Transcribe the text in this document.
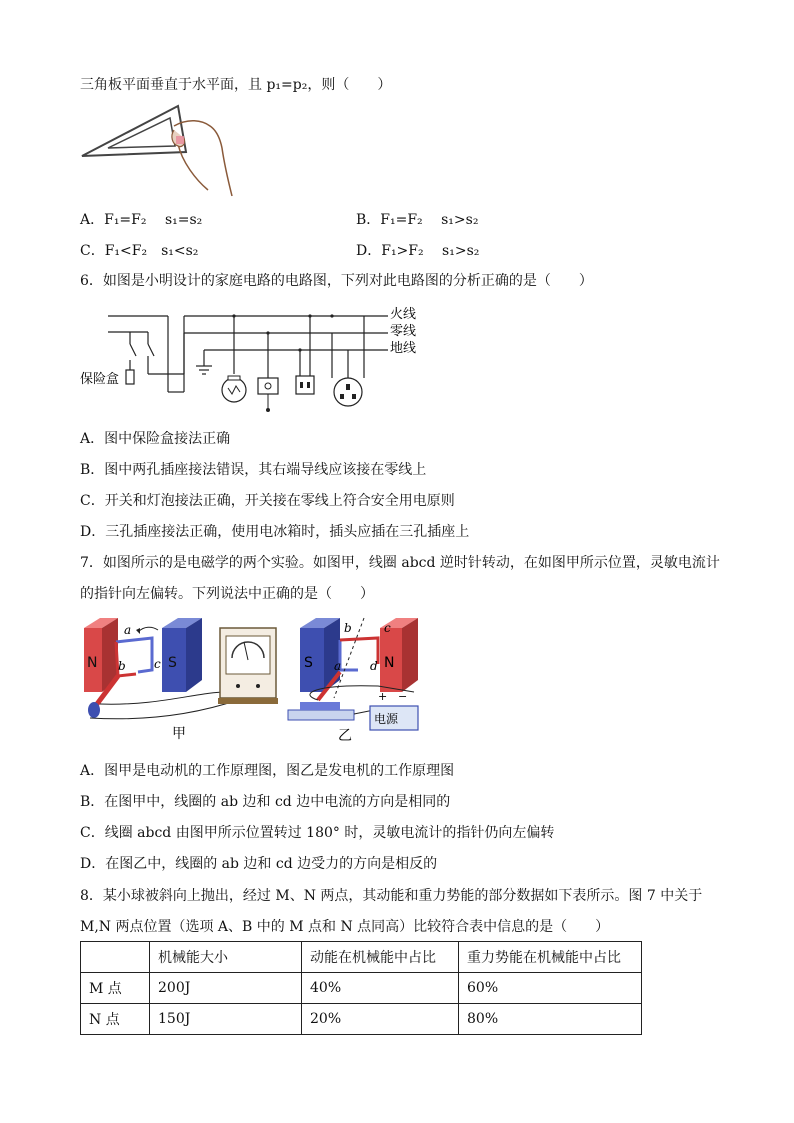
三角板平面垂直于水平面，且 p₁=p₂，则（　　）
A．F₁=F₂　 s₁=s₂	B．F₁=F₂　 s₁>s₂
C．F₁<F₂　s₁<s₂	D．F₁>F₂　 s₁>s₂
6．如图是小明设计的家庭电路的电路图，下列对此电路图的分析正确的是（　　）
火线
零线
地线
保险盒
A．图中保险盒接法正确
B．图中两孔插座接法错误，其右端导线应该接在零线上
C．开关和灯泡接法正确，开关接在零线上符合安全用电原则
D．三孔插座接法正确，使用电冰箱时，插头应插在三孔插座上
7．如图所示的是电磁学的两个实验。如图甲，线圈 abcd 逆时针转动，在如图甲所示位置，灵敏电流计
的指针向左偏转。下列说法中正确的是（　　）
N	S
a
b c
甲
S	N
b	c
a d
电源
+ −
乙
A．图甲是电动机的工作原理图，图乙是发电机的工作原理图
B．在图甲中，线圈的 ab 边和 cd 边中电流的方向是相同的
C．线圈 abcd 由图甲所示位置转过 180° 时，灵敏电流计的指针仍向左偏转
D．在图乙中，线圈的 ab 边和 cd 边受力的方向是相反的
8．某小球被斜向上抛出，经过 M、N 两点，其动能和重力势能的部分数据如下表所示。图 7 中关于
M,N 两点位置（选项 A、B 中的 M 点和 N 点同高）比较符合表中信息的是（　　）
	机械能大小	动能在机械能中占比	重力势能在机械能中占比
M 点	200J	40%	60%
N 点	150J	20%	80%
